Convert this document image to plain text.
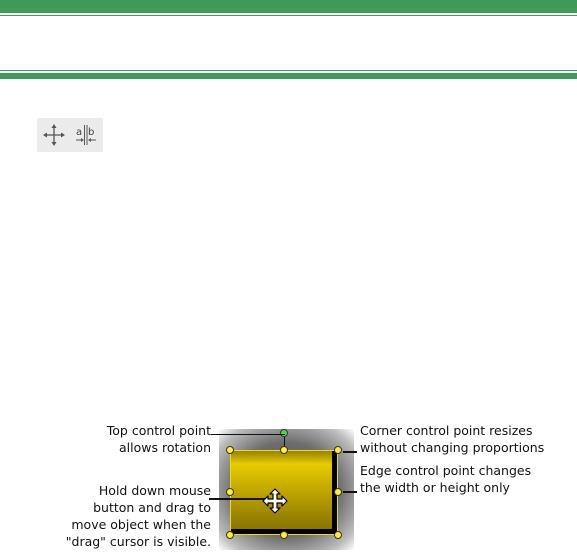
a b
Top control point
allows rotation
Corner control point resizes
without changing proportions
Edge control point changes
the width or height only
Hold down mouse
button and drag to
move object when the
"drag" cursor is visible.
